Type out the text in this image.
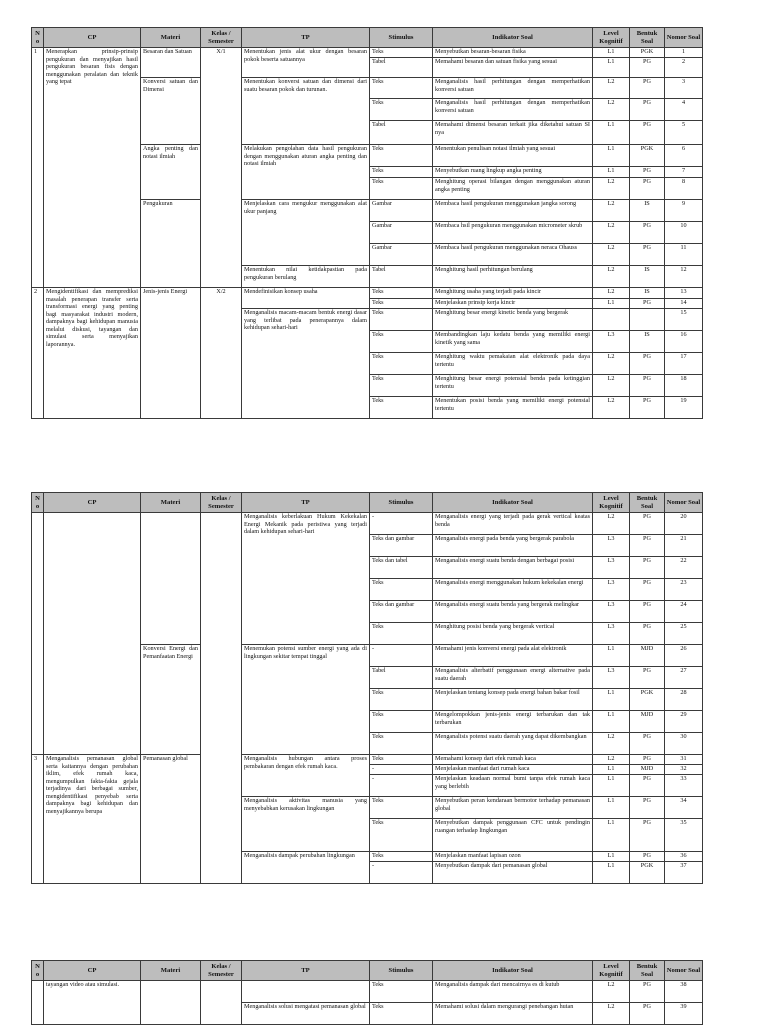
N o	CP	Materi	Kelas / Semester	TP	Stimulus	Indikator Soal	Level Kognitif	Bentuk Soal	Nomor Soal
1	Menerapkan prinsip-prinsip pengukuran dan menyajikan hasil pengukuran besaran fisis dengan menggunakan peralatan dan teknik yang tepat	Besaran dan Satuan	X/1	Menentukan jenis alat ukur dengan besaran pokok beserta satuannya	Teks	Menyebutkan besaran-besaran fisika	L1	PGK	1
					Tabel	Memahami besaran dan satuan fisika yang sesuai	L1	PG	2
		Konversi satuan dan Dimensi		Menentukan konversi satuan dan dimensi dari suatu besaran pokok dan turunan.	Teks	Menganalisis hasil perhitungan dengan memperhatikan konversi satuan	L2	PG	3
					Teks	Menganalisis hasil perhitungan dengan memperhatikan konversi satuan	L2	PG	4
					Tabel	Memahami dimensi besaran terkait jika diketahui satuan SI nya	L1	PG	5
		Angka penting dan notasi ilmiah		Melakukan pengolahan data hasil pengukuran dengan menggunakan aturan angka penting dan notasi ilmiah	Teks	Menentukan penulisan notasi ilmiah yang sesuai	L1	PGK	6
					Teks	Menyebutkan ruang lingkup angka penting	L1	PG	7
					Teks	Menghitung operasi bilangan dengan menggunakan aturan angka penting	L2	PG	8
		Pengukuran		Menjelaskan cara mengukur menggunakan alat ukur panjang	Gambar	Membaca hasil pengukuran menggunakan jangka sorong	L2	IS	9
					Gambar	Membaca hsil pengukuran menggunakan micrometer skrub	L2	PG	10
					Gambar	Membaca hasil pengukuran menggunakan neraca Ohauss	L2	PG	11
				Menentukan nilai ketidakpastian pada pengukuran berulang	Tabel	Menghitung hasil perhitungan berulang	L2	IS	12
2	Mengidentifikasi dan memprediksi masalah penerapan transfer serta transformasi energi yang penting bagi masyarakat industri modern, dampaknya bagi kehidupan manusia melalui diskusi, tayangan dan simulasi serta menyajikan laporannya.	Jenis-jenis Energi	X/2	Mendefinisikan konsep usaha	Teks	Menghitung usaha yang terjadi pada kincir	L2	IS	13
					Teks	Menjelaskan prinsip kerja kincir	L1	PG	14
				Menganalisis macam-macam bentuk energi dasar yang terlibat pada penerapannya dalam kehidupan sehari-hari	Teks	Menghitung besar energi kinetic benda yang bergerak			15
					Teks	Membandingkan laju kedatu benda yang memiliki energi kinetik yang sama	L3	IS	16
					Teks	Menghitung waktu pemakaian alat elektronik pada daya tertentu	L2	PG	17
					Teks	Menghitung besar energi potensial benda pada ketinggian tertentu	L2	PG	18
					Teks	Menentukan posisi benda yang memiliki energi potensial tertentu	L2	PG	19
N o	CP	Materi	Kelas / Semester	TP	Stimulus	Indikator Soal	Level Kognitif	Bentuk Soal	Nomor Soal
				Menganalisis keberlakuan Hukum Kekekalan Energi Mekanik pada peristiwa yang terjadi dalam kehidupan sehari-hari	-	Menganalisis energi yang terjadi pada gerak vertical keatas benda	L2	PG	20
					Teks dan gambar	Menganalisis energi pada benda yang bergerak parabola	L3	PG	21
					Teks dan tabel	Menganalisis energi suatu benda dengan berbagai posisi	L3	PG	22
					Teks	Menganalisis energi menggunakan hukum kekekalan energi	L3	PG	23
					Teks dan gambar	Menganalisis energi suatu benda yang bergerak melingkar	L3	PG	24
					Teks	Menghitung posisi benda yang bergerak vertical	L3	PG	25
		Konversi Energi dan Pemanfaatan Energi		Menemukan potensi sumber energi yang ada di lingkungan sekitar tempat tinggal	-	Memahami jenis konversi energi pada alat elektronik	L1	MJD	26
					Tabel	Menganalisis alterbatif penggunaan energi alternative pada suatu daerah	L3	PG	27
					Teks	Menjelaskan tentang konsep pada energi bahan bakar fosil	L1	PGK	28
					Teks	Mengelompokkan jenis-jenis energi terbarukan dan tak terbarukan	L1	MJD	29
					Teks	Menganalisis potensi suatu daerah yang dapat dikembangkan	L2	PG	30
3	Menganalisis pemanasan global serta kaitannya dengan perubahan iklim, efek rumah kaca, mengumpulkan fakta-fakta gejala terjadinya dari berbagai sumber, mengidentifikasi penyebab serta dampaknya bagi kehidupan dan menyajikannya berupa	Pemanasan global		Menganalisis hubungan antara proses pembakaran dengan efek rumah kaca.	Teks	Memahami konsep dari efek rumah kaca	L2	PG	31
					-	Menjelaskan manfaat dari rumah kaca	L1	MJD	32
					-	Menjelaskan keadaan normal bumi tanpa efek rumah kaca yang berlebih	L1	PG	33
				Menganalisis aktivitas manusia yang menyebabkan kerusakan lingkungan	Teks	Menyebutkan peran kendaraan bermotor terhadap pemanasan global	L1	PG	34
					Teks	Menyebutkan dampak penggunaan CFC untuk pendingin ruangan terhadap lingkungan	L1	PG	35
				Menganalisis dampak perubahan lingkungan	Teks	Menjelaskan manfaat lapisan ozon	L1	PG	36
					-	Menyebutkan dampak dari pemanasan global	L1	PGK	37
N o	CP	Materi	Kelas / Semester	TP	Stimulus	Indikator Soal	Level Kognitif	Bentuk Soal	Nomor Soal
	tayangan video atau simulasi.				Teks	Menganalisis dampak dari mencairnya es di kutub	L2	PG	38
				Menganalisis solusi mengatasi pemanasan global	Teks	Memahami solusi dalam mengurangi penebangan hutan	L2	PG	39
